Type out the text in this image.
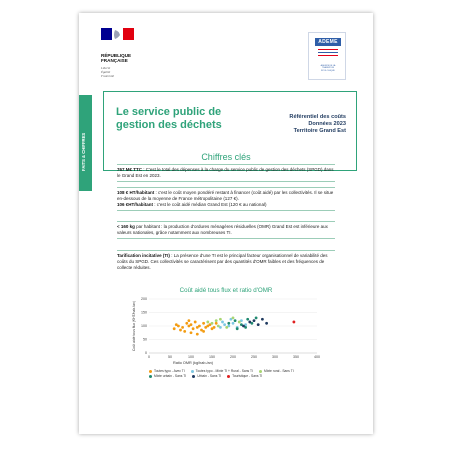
RÉPUBLIQUE
FRANÇAISE
Liberté
Égalité
Fraternité
ADEME
AGENCE DE LA TRANSITION ÉCOLOGIQUE
FAITS & CHIFFRES
Le service public de gestion des déchets
Référentiel des coûts
Données 2023
Territoire Grand Est
Chiffres clés

767 M€ TTC : C'est le total des dépenses à la charge du service public de gestion des déchets (SPGD) dans le Grand Est en 2023.

108 € HT/habitant : c'est le coût moyen pondéré restant à financer (coût aidé) par les collectivités. Il se situe en-dessous de la moyenne de France métropolitaine (127 €).

106 €HT/habitant : c'est le coût aidé médian Grand Est (120 € au national)

< 160 kg par habitant : la production d'ordures ménagères résiduelles (OMR) Grand Est est inférieure aux valeurs nationales, grâce notamment aux nombreuses TI.

Tarification incitative (TI) : La présence d'une TI est le principal facteur organisationnel de variabilité des coûts du SPGD. Ces collectivités se caractérisent par des quantités d'OMR faibles et des fréquences de collecte réduites.

Coût aidé tous flux et ratio d'OMR
0
50
100
150
200
0	50	100	150	200	250	300	350	400
Ratio OMR (kg/hab./an)
Coût aidé tous flux (€HT/hab./an)
Toutes typo - Avec TI	Toutes typo - Mixte TI + Rural - Sans TI	Mixte rural - Sans TIMixte urbain - Sans TI	Urbain - Sans TI	Touristique - Sans TI
